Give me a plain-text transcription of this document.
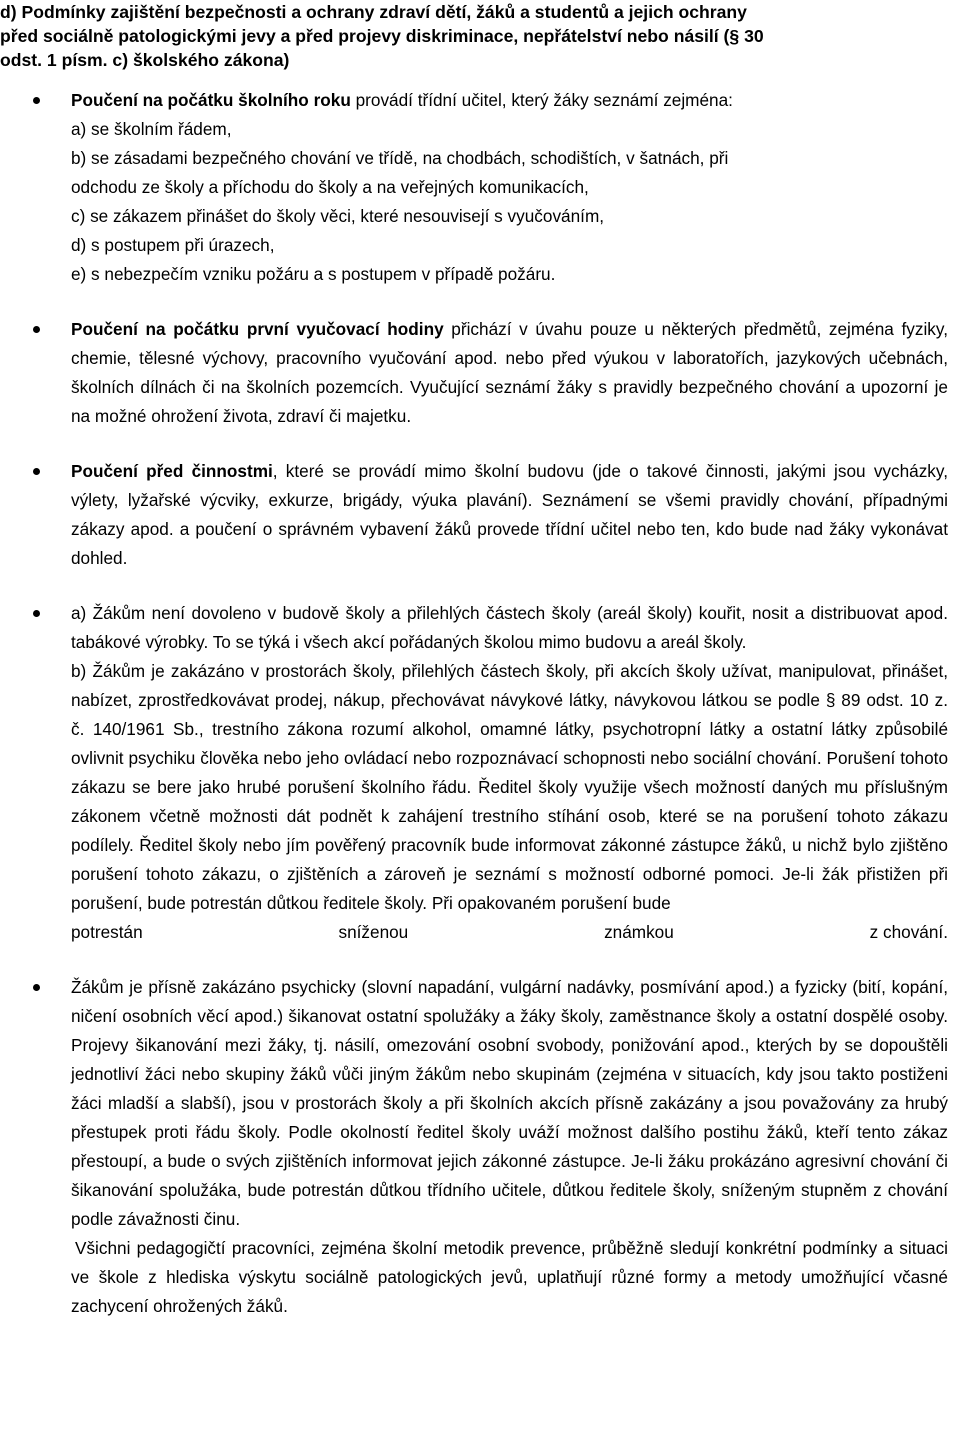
d) Podmínky zajištění bezpečnosti a ochrany zdraví dětí, žáků a studentů a jejich ochrany
před sociálně patologickými jevy a před projevy diskriminace, nepřátelství nebo násilí (§ 30
odst. 1 písm. c) školského zákona)
Poučení na počátku školního roku provádí třídní učitel, který žáky seznámí zejména:
a) se školním řádem,
b) se zásadami bezpečného chování ve třídě, na chodbách, schodištích, v šatnách, při
odchodu ze školy a příchodu do školy a na veřejných komunikacích,
c) se zákazem přinášet do školy věci, které nesouvisejí s vyučováním,
d) s postupem při úrazech,
e) s nebezpečím vzniku požáru a s postupem v případě požáru.
Poučení na počátku první vyučovací hodiny přichází v úvahu pouze u některých předmětů, zejména fyziky, chemie, tělesné výchovy, pracovního vyučování apod. nebo před výukou v laboratořích, jazykových učebnách, školních dílnách či na školních pozemcích. Vyučující seznámí žáky s pravidly bezpečného chování a upozorní je na možné ohrožení života, zdraví či majetku.
Poučení před činnostmi, které se provádí mimo školní budovu (jde o takové činnosti, jakými jsou vycházky, výlety, lyžařské výcviky, exkurze, brigády, výuka plavání). Seznámení se všemi pravidly chování, případnými zákazy apod. a poučení o správném vybavení žáků provede třídní učitel nebo ten, kdo bude nad žáky vykonávat dohled.
a) Žákům není dovoleno v budově školy a přilehlých částech školy (areál školy) kouřit, nosit a distribuovat apod. tabákové výrobky. To se týká i všech akcí pořádaných školou mimo budovu a areál školy.
b) Žákům je zakázáno v prostorách školy, přilehlých částech školy, při akcích školy užívat, manipulovat, přinášet, nabízet, zprostředkovávat prodej, nákup, přechovávat návykové látky, návykovou látkou se podle § 89 odst. 10 z. č. 140/1961 Sb., trestního zákona rozumí alkohol, omamné látky, psychotropní látky a ostatní látky způsobilé ovlivnit psychiku člověka nebo jeho ovládací nebo rozpoznávací schopnosti nebo sociální chování. Porušení tohoto zákazu se bere jako hrubé porušení školního řádu. Ředitel školy využije všech možností daných mu příslušným zákonem včetně možnosti dát podnět k zahájení trestního stíhání osob, které se na porušení tohoto zákazu podílely. Ředitel školy nebo jím pověřený pracovník bude informovat zákonné zástupce žáků, u nichž bylo zjištěno porušení tohoto zákazu, o zjištěních a zároveň je seznámí s možností odborné pomoci. Je-li žák přistižen při porušení, bude potrestán důtkou ředitele školy. Při opakovaném porušení bude
potrestán	sníženou	známkou	z chování.
Žákům je přísně zakázáno psychicky (slovní napadání, vulgární nadávky, posmívání apod.) a fyzicky (bití, kopání, ničení osobních věcí apod.) šikanovat ostatní spolužáky a žáky školy, zaměstnance školy a ostatní dospělé osoby. Projevy šikanování mezi žáky, tj. násilí, omezování osobní svobody, ponižování apod., kterých by se dopouštěli jednotliví žáci nebo skupiny žáků vůči jiným žákům nebo skupinám (zejména v situacích, kdy jsou takto postiženi žáci mladší a slabší), jsou v prostorách školy a při školních akcích přísně zakázány a jsou považovány za hrubý přestupek proti řádu školy. Podle okolností ředitel školy uváží možnost dalšího postihu žáků, kteří tento zákaz přestoupí, a bude o svých zjištěních informovat jejich zákonné zástupce. Je-li žáku prokázáno agresivní chování či šikanování spolužáka, bude potrestán důtkou třídního učitele, důtkou ředitele školy, sníženým stupněm z chování podle závažnosti činu.
Všichni pedagogičtí pracovníci, zejména školní metodik prevence, průběžně sledují konkrétní podmínky a situaci ve škole z hlediska výskytu sociálně patologických jevů, uplatňují různé formy a metody umožňující včasné zachycení ohrožených žáků.
